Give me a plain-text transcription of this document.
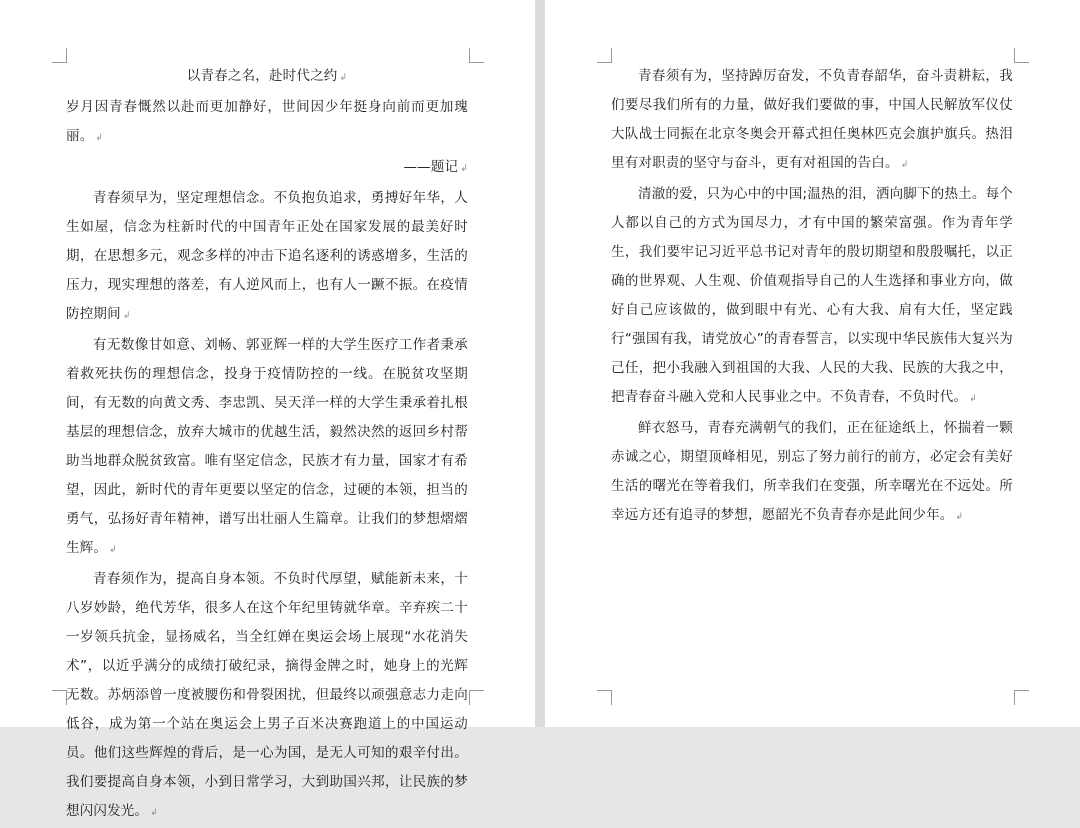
以青春之名，赴时代之约 ↲

岁月因青春慨然以赴而更加静好，世间因少年挺身向前而更加瑰丽。 ↲

——题记 ↲

青春须早为，坚定理想信念。不负抱负追求，勇搏好年华，人生如屋，信念为柱新时代的中国青年正处在国家发展的最美好时期，在思想多元，观念多样的冲击下追名逐利的诱惑增多，生活的压力，现实理想的落差，有人逆风而上，也有人一蹶不振。在疫情防控期间 ↲

有无数像甘如意、刘畅、郭亚辉一样的大学生医疗工作者秉承着救死扶伤的理想信念，投身于疫情防控的一线。在脱贫攻坚期间，有无数的向黄文秀、李忠凯、吴天洋一样的大学生秉承着扎根基层的理想信念，放弃大城市的优越生活，毅然决然的返回乡村帮助当地群众脱贫致富。唯有坚定信念，民族才有力量，国家才有希望，因此，新时代的青年更要以坚定的信念，过硬的本领，担当的勇气，弘扬好青年精神，谱写出壮丽人生篇章。让我们的梦想熠熠生辉。 ↲

青春须作为，提高自身本领。不负时代厚望，赋能新未来，十八岁妙龄，绝代芳华，很多人在这个年纪里铸就华章。辛弃疾二十一岁领兵抗金，显扬威名，当全红婵在奥运会场上展现“水花消失术”，以近乎满分的成绩打破纪录，摘得金牌之时，她身上的光辉无数。苏炳添曾一度被腰伤和骨裂困扰，但最终以顽强意志力走向低谷，成为第一个站在奥运会上男子百米决赛跑道上的中国运动员。他们这些辉煌的背后，是一心为国，是无人可知的艰辛付出。我们要提高自身本领，小到日常学习，大到助国兴邦，让民族的梦想闪闪发光。 ↲

青春须有为，坚持踔厉奋发，不负青春韶华，奋斗责耕耘，我们要尽我们所有的力量，做好我们要做的事，中国人民解放军仪仗大队战士同振在北京冬奥会开幕式担任奥林匹克会旗护旗兵。热泪里有对职责的坚守与奋斗，更有对祖国的告白。 ↲

清澈的爱，只为心中的中国;温热的泪，洒向脚下的热土。每个人都以自己的方式为国尽力，才有中国的繁荣富强。作为青年学生，我们要牢记习近平总书记对青年的殷切期望和殷殷嘱托，以正确的世界观、人生观、价值观指导自己的人生选择和事业方向，做好自己应该做的，做到眼中有光、心有大我、肩有大任，坚定践行“强国有我，请党放心”的青春誓言，以实现中华民族伟大复兴为己任，把小我融入到祖国的大我、人民的大我、民族的大我之中，把青春奋斗融入党和人民事业之中。不负青春，不负时代。 ↲

鲜衣怒马，青春充满朝气的我们，正在征途纸上，怀揣着一颗赤诚之心，期望顶峰相见，别忘了努力前行的前方，必定会有美好生活的曙光在等着我们，所幸我们在变强，所幸曙光在不远处。所幸远方还有追寻的梦想，愿韶光不负青春亦是此间少年。 ↲
